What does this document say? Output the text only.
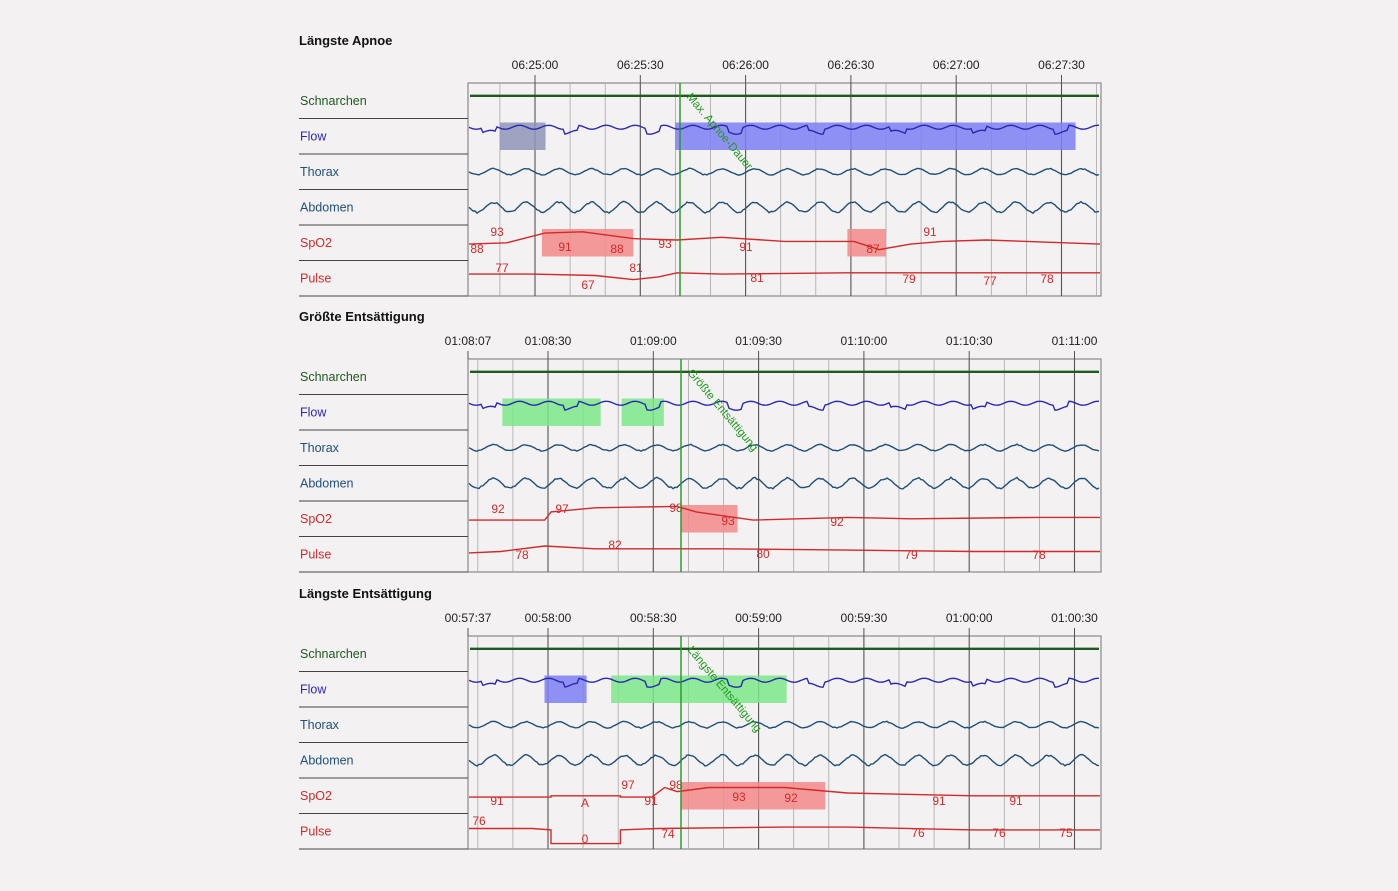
Längste Apnoe
06:25:00	06:25:30	06:26:00	06:26:30	06:27:00	06:27:30
Schnarchen
Flow
Thorax
Abdomen
SpO2
Pulse
88
93
91	88	93	91	87
91
77
67
81
81	79	77	78
Max. Apnoe-Dauer
Größte Entsättigung
01:08:07	01:08:30	01:09:00	01:09:30	01:10:00	01:10:30	01:11:00
Schnarchen
Flow
Thorax
Abdomen
SpO2
Pulse
92	97	98
93	92
78
82
80	79	78
Größte Entsättigung
Längste Entsättigung
00:57:37	00:58:00	00:58:30	00:59:00	00:59:30	01:00:00	01:00:30
Schnarchen
Flow
Thorax
Abdomen
SpO2
Pulse
91	A
97
91
98
93	92	91	91
76
0	74	76	76	75
Längste Entsättigung
